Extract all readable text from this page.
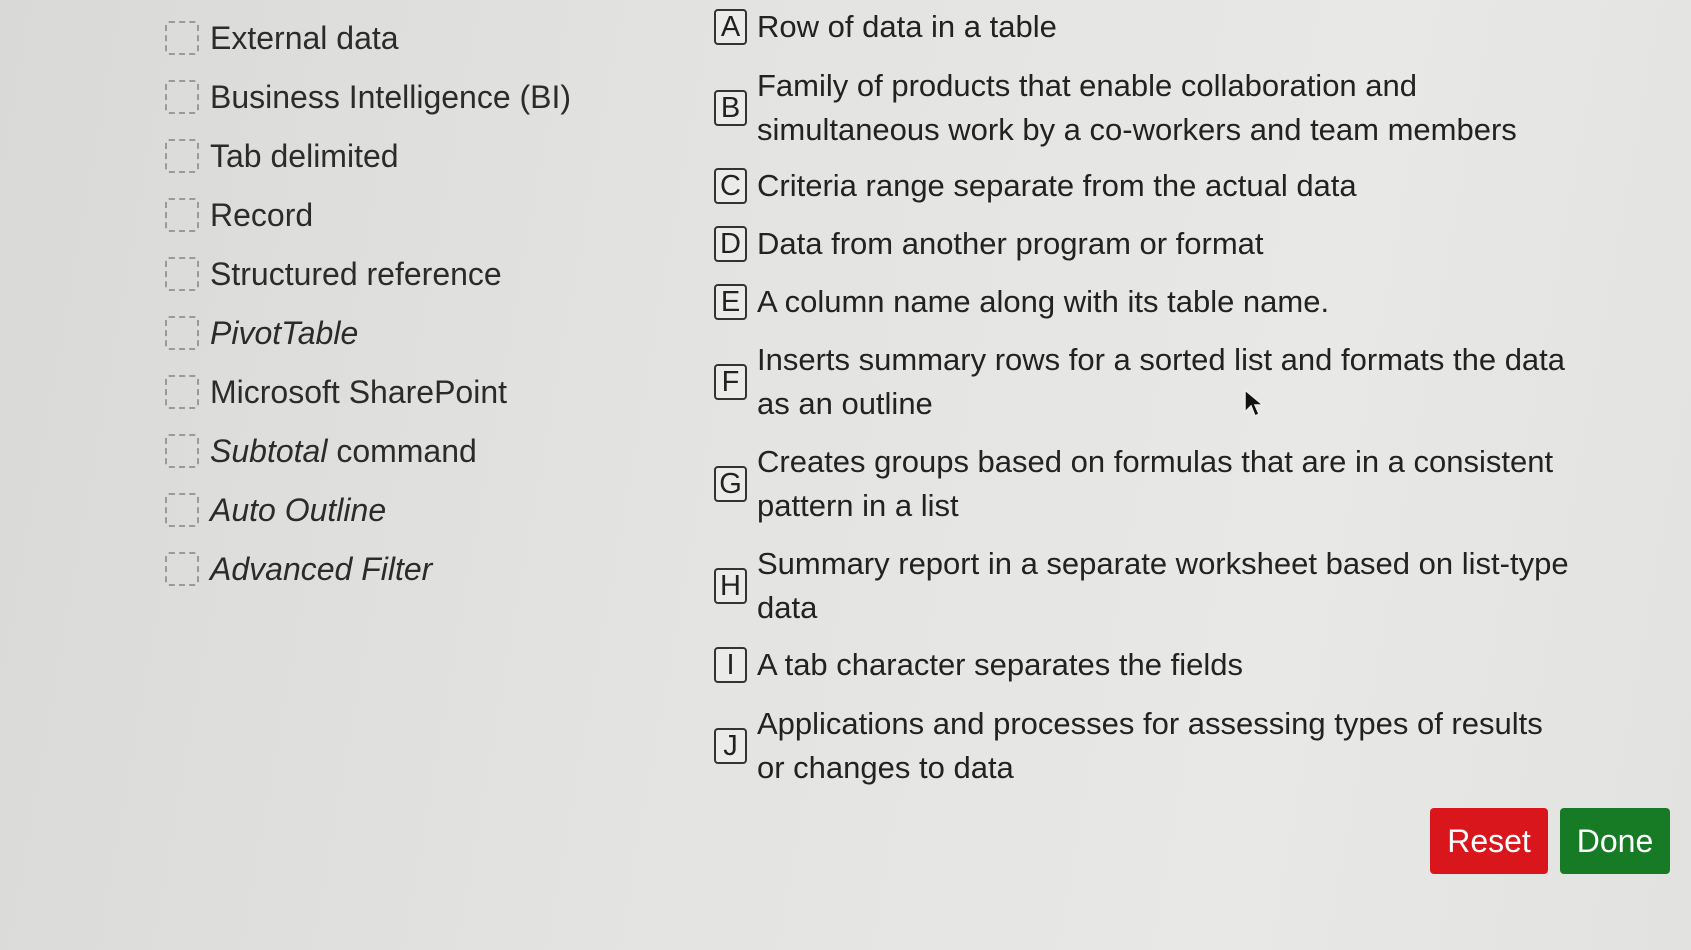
External data
Business Intelligence (BI)
Tab delimited
Record
Structured reference
PivotTable
Microsoft SharePoint
Subtotal command
Auto Outline
Advanced Filter
A Row of data in a table
B
Family of products that enable collaboration and simultaneous work by a co-workers and team members
C Criteria range separate from the actual data
D Data from another program or format
E A column name along with its table name.
F
Inserts summary rows for a sorted list and formats the data as an outline
G
Creates groups based on formulas that are in a consistent pattern in a list
H
Summary report in a separate worksheet based on list-type data
I A tab character separates the fields
J
Applications and processes for assessing types of results or changes to data
Reset	Done
